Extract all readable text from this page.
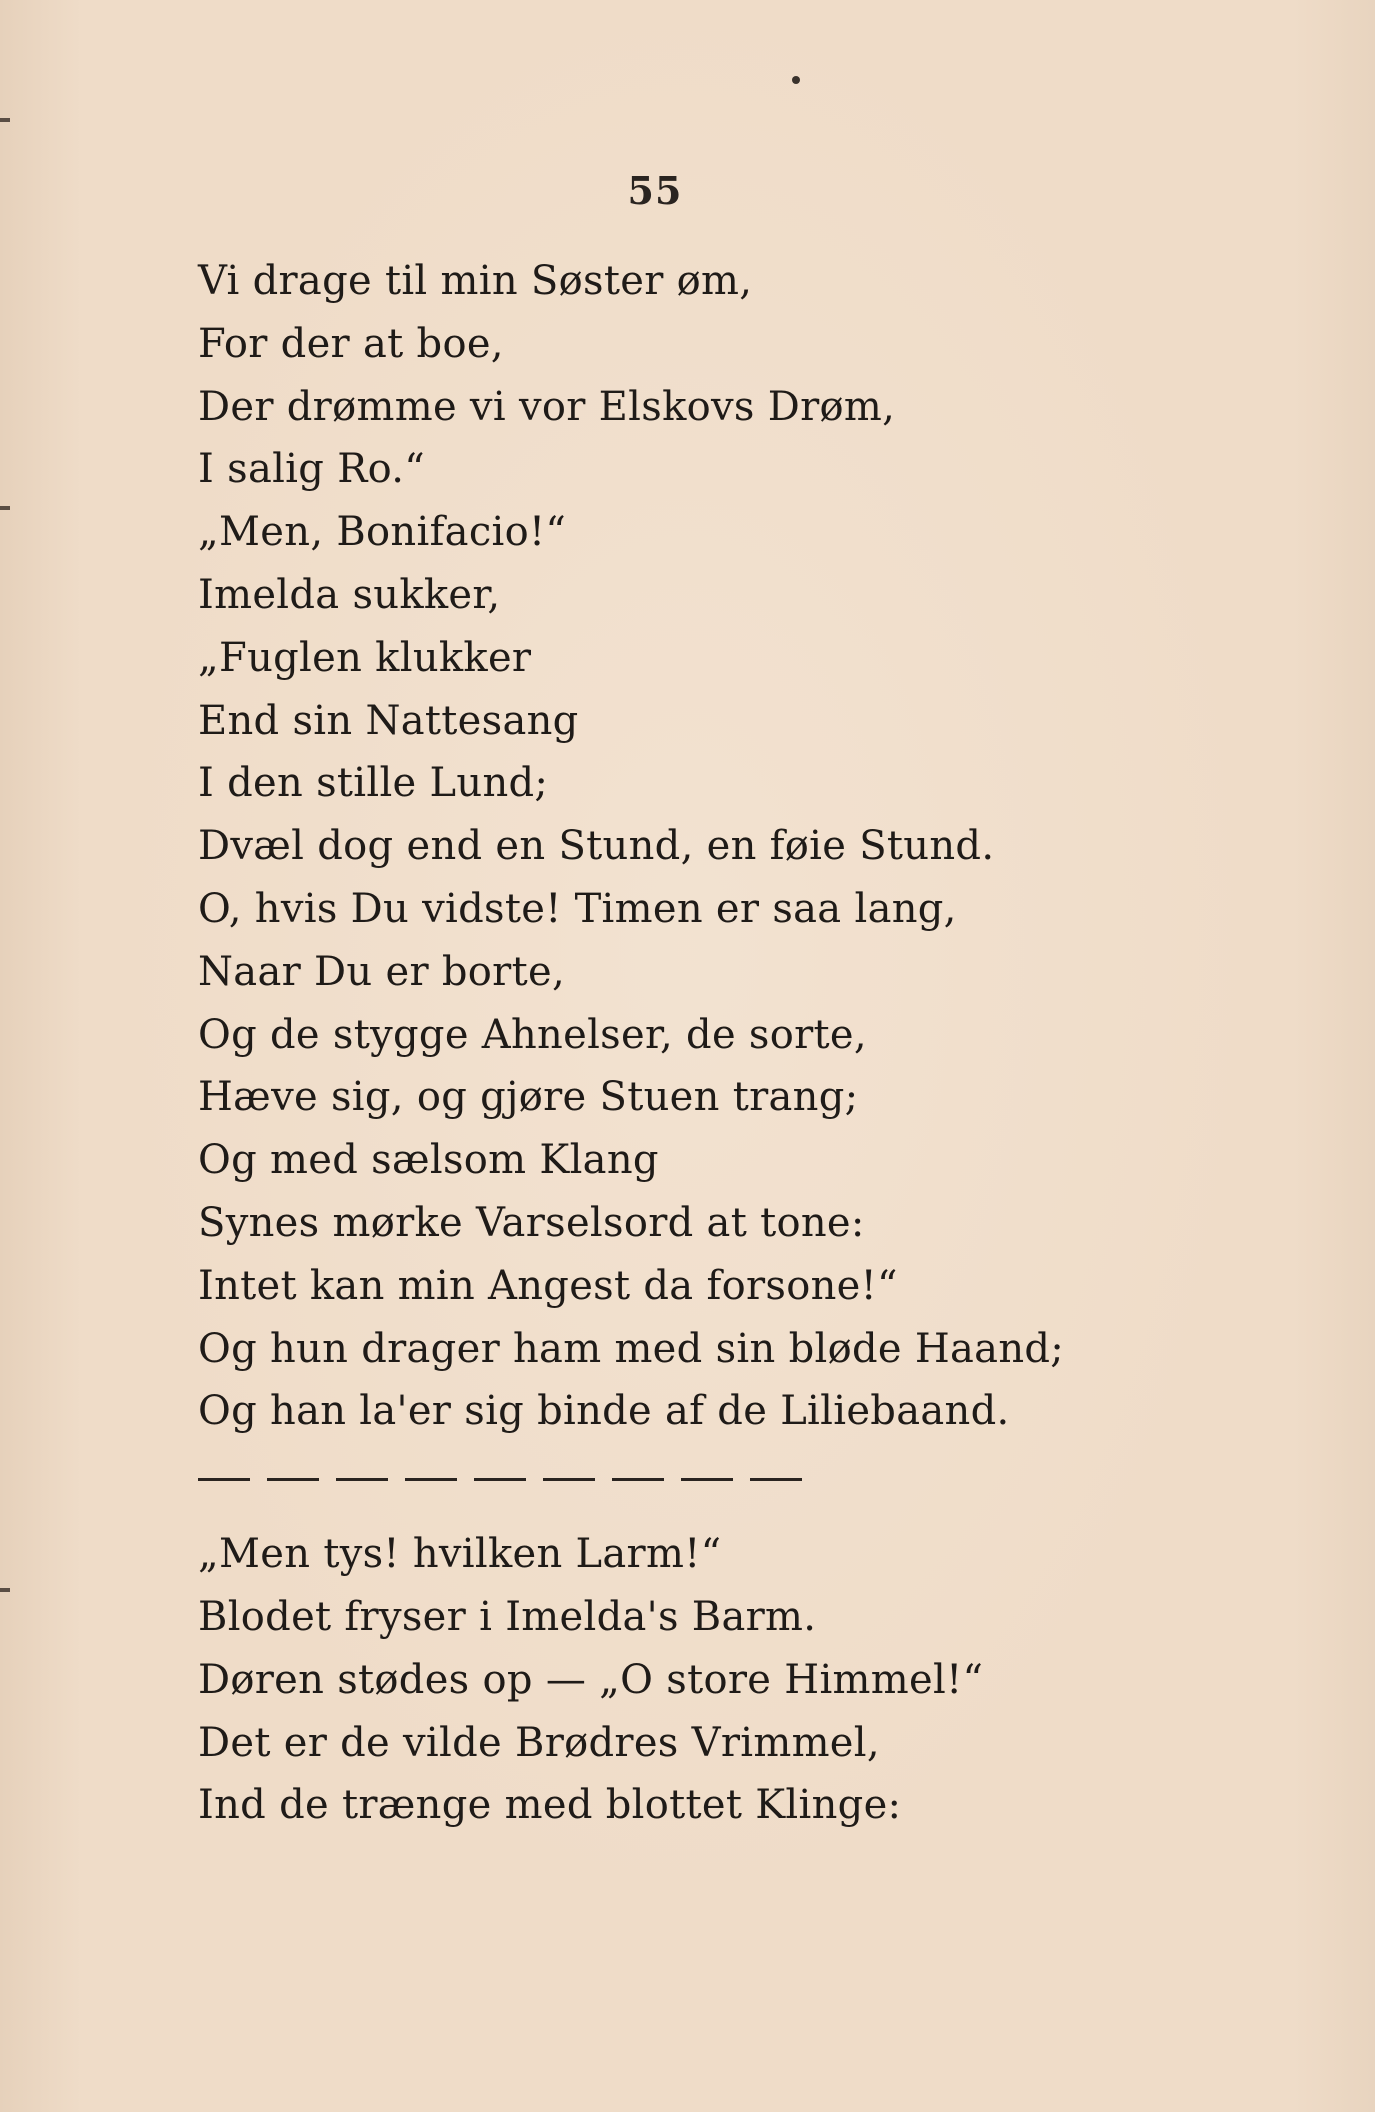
55
Vi drage til min Søster øm,
For der at boe,
Der drømme vi vor Elskovs Drøm,
I salig Ro.“
„Men, Bonifacio!“
Imelda sukker,
„Fuglen klukker
End sin Nattesang
I den stille Lund;
Dvæl dog end en Stund, en føie Stund.
O, hvis Du vidste! Timen er saa lang,
Naar Du er borte,
Og de stygge Ahnelser, de sorte,
Hæve sig, og gjøre Stuen trang;
Og med sælsom Klang
Synes mørke Varselsord at tone:
Intet kan min Angest da forsone!“
Og hun drager ham med sin bløde Haand;
Og han la'er sig binde af de Liliebaand.
„Men tys! hvilken Larm!“
Blodet fryser i Imelda's Barm.
Døren stødes op — „O store Himmel!“
Det er de vilde Brødres Vrimmel,
Ind de trænge med blottet Klinge:
